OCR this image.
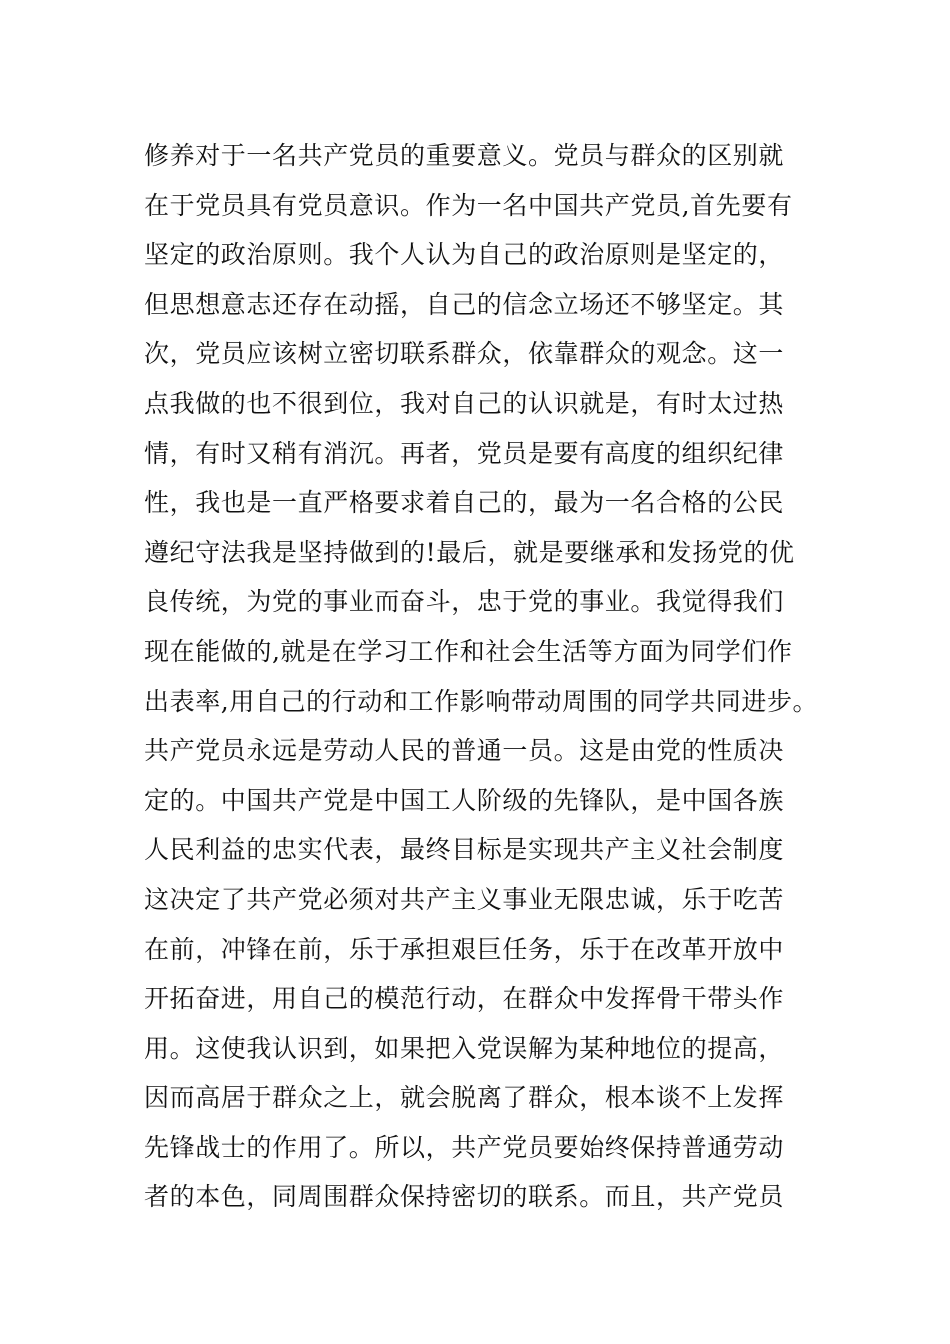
修养对于一名共产党员的重要意义。党员与群众的区别就
在于党员具有党员意识。作为一名中国共产党员,首先要有
坚定的政治原则。我个人认为自己的政治原则是坚定的，
但思想意志还存在动摇，自己的信念立场还不够坚定。其
次，党员应该树立密切联系群众，依靠群众的观念。这一
点我做的也不很到位，我对自己的认识就是，有时太过热
情，有时又稍有消沉。再者，党员是要有高度的组织纪律
性，我也是一直严格要求着自己的，最为一名合格的公民
遵纪守法我是坚持做到的!最后，就是要继承和发扬党的优
良传统，为党的事业而奋斗，忠于党的事业。我觉得我们
现在能做的,就是在学习工作和社会生活等方面为同学们作
出表率,用自己的行动和工作影响带动周围的同学共同进步。
共产党员永远是劳动人民的普通一员。这是由党的性质决
定的。中国共产党是中国工人阶级的先锋队，是中国各族
人民利益的忠实代表，最终目标是实现共产主义社会制度
这决定了共产党必须对共产主义事业无限忠诚，乐于吃苦
在前，冲锋在前，乐于承担艰巨任务，乐于在改革开放中
开拓奋进，用自己的模范行动，在群众中发挥骨干带头作
用。这使我认识到，如果把入党误解为某种地位的提高，
因而高居于群众之上，就会脱离了群众，根本谈不上发挥
先锋战士的作用了。所以，共产党员要始终保持普通劳动
者的本色，同周围群众保持密切的联系。而且，共产党员
